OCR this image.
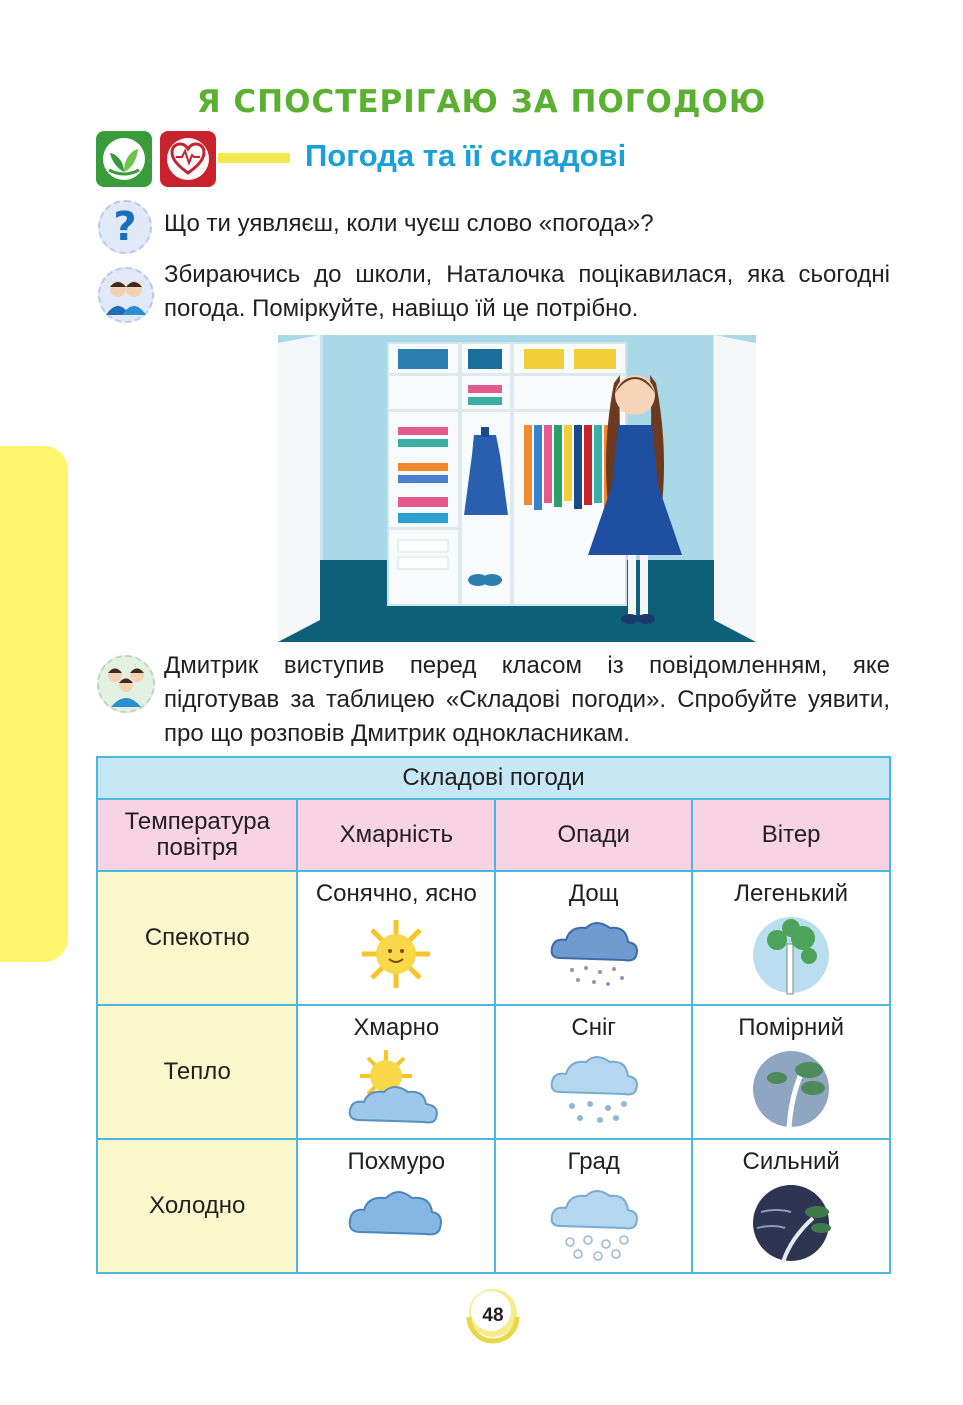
Я СПОСТЕРІГАЮ ЗА ПОГОДОЮ
Погода та її складові
?	Що ти уявляєш, коли чуєш слово «погода»?

Збираючись до школи, Наталочка поцікавилася, яка сьогодні погода. Поміркуйте, навіщо їй це потрібно.

Дмитрик виступив перед класом із повідомленням, яке підготував за таблицею «Складові погоди». Спробуйте уявити, про що розповів Дмитрик однокласникам.

Складові погоди			
Температура повітря	Хмарність	Опади	Вітер
Спекотно	Сонячно, ясно	Дощ	Легенький

Тепло	Хмарно	Сніг	Помірний

Холодно	Похмуро	Град	Сильний
48
